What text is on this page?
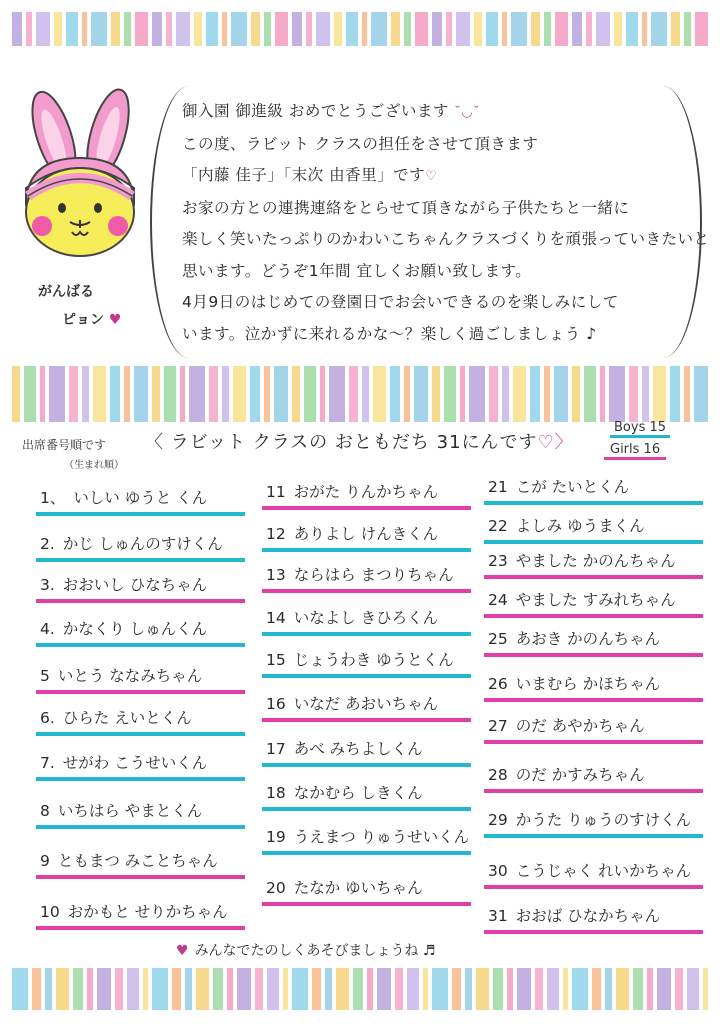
がんばる
ピョン ♥
御入園 御進級 おめでとうございます ˘◡˘
この度、ラビット クラスの担任をさせて頂きます
「内藤 佳子」「末次 由香里」です♡
お家の方との連携連絡をとらせて頂きながら子供たちと一緒に
楽しく笑いたっぷりのかわいこちゃんクラスづくりを頑張っていきたいと
思います。どうぞ1年間 宜しくお願い致します。
4月9日のはじめての登園日でお会いできるのを楽しみにして
います。泣かずに来れるかな～？楽しく過ごしましょう ♪
出席番号順です
（生まれ順）
〈 ラビット クラスの おともだち 31にんです♡〉
Boys 15
Girls 16
1、 いしい ゆうと くん
2. かじ しゅんのすけくん
3. おおいし ひなちゃん
4. かなくり しゅんくん
5 いとう ななみちゃん
6. ひらた えいとくん
7. せがわ こうせいくん
8 いちはら やまとくん
9 ともまつ みことちゃん
10 おかもと せりかちゃん
11 おがた りんかちゃん
12 ありよし けんきくん
13 ならはら まつりちゃん
14 いなよし きひろくん
15 じょうわき ゆうとくん
16 いなだ あおいちゃん
17 あべ みちよしくん
18 なかむら しきくん
19 うえまつ りゅうせいくん
20 たなか ゆいちゃん
21 こが たいとくん
22 よしみ ゆうまくん
23 やました かのんちゃん
24 やました すみれちゃん
25 あおき かのんちゃん
26 いまむら かほちゃん
27 のだ あやかちゃん
28 のだ かすみちゃん
29 かうた りゅうのすけくん
30 こうじゃく れいかちゃん
31 おおば ひなかちゃん
♥ みんなでたのしくあそびましょうね ♬
